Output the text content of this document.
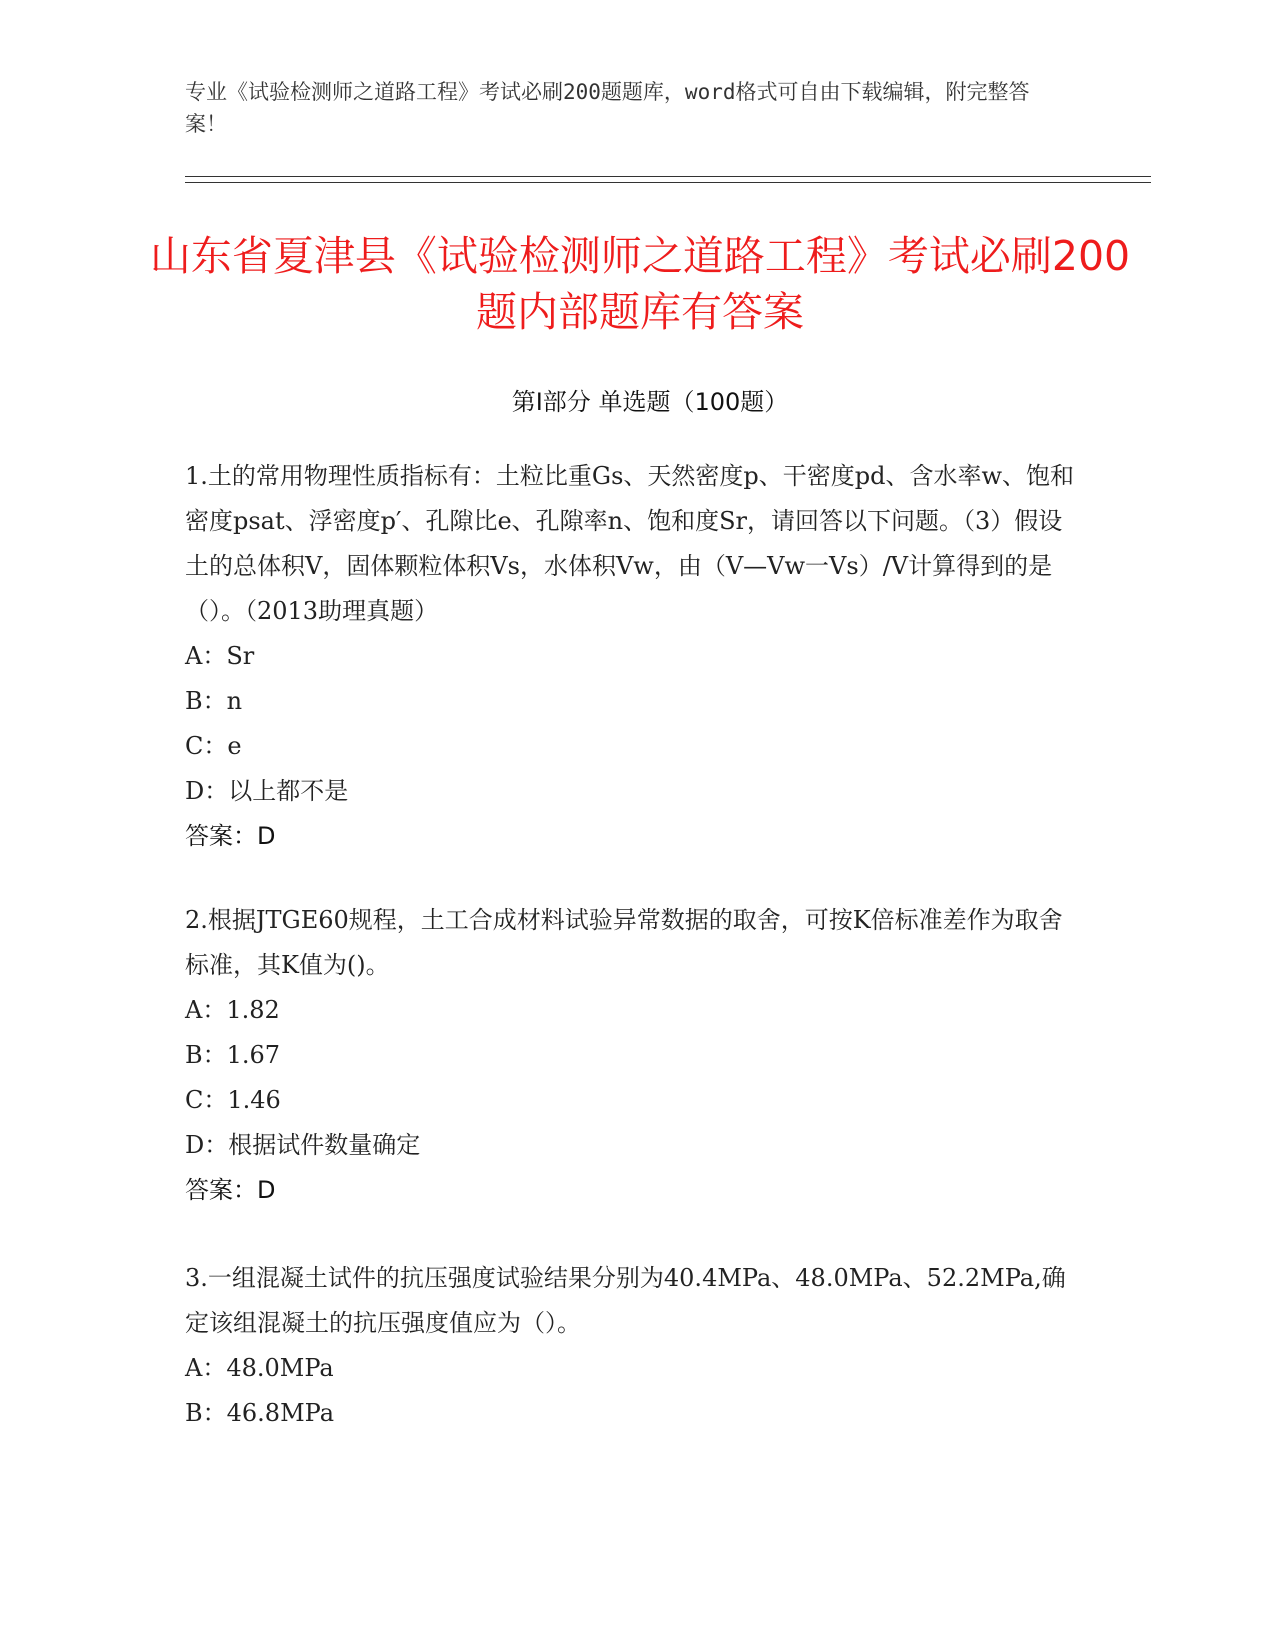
专业《试验检测师之道路工程》考试必刷200题题库，word格式可自由下载编辑，附完整答案！
山东省夏津县《试验检测师之道路工程》考试必刷200题内部题库有答案
第I部分 单选题（100题）

1.土的常用物理性质指标有：土粒比重Gs、天然密度p、干密度pd、含水率w、饱和密度psat、浮密度p′、孔隙比e、孔隙率n、饱和度Sr，请回答以下问题。（3）假设土的总体积V，固体颗粒体积Vs，水体积Vw，由（V—Vw一Vs）/V计算得到的是（）。（2013助理真题）

A：Sr

B：n

C：e

D：以上都不是

答案：D

2.根据JTGE60规程，土工合成材料试验异常数据的取舍，可按K倍标准差作为取舍标准，其K值为()。

A：1.82

B：1.67

C：1.46

D：根据试件数量确定

答案：D

3.一组混凝土试件的抗压强度试验结果分别为40.4MPa、48.0MPa、52.2MPa,确定该组混凝土的抗压强度值应为（）。

A：48.0MPa

B：46.8MPa
